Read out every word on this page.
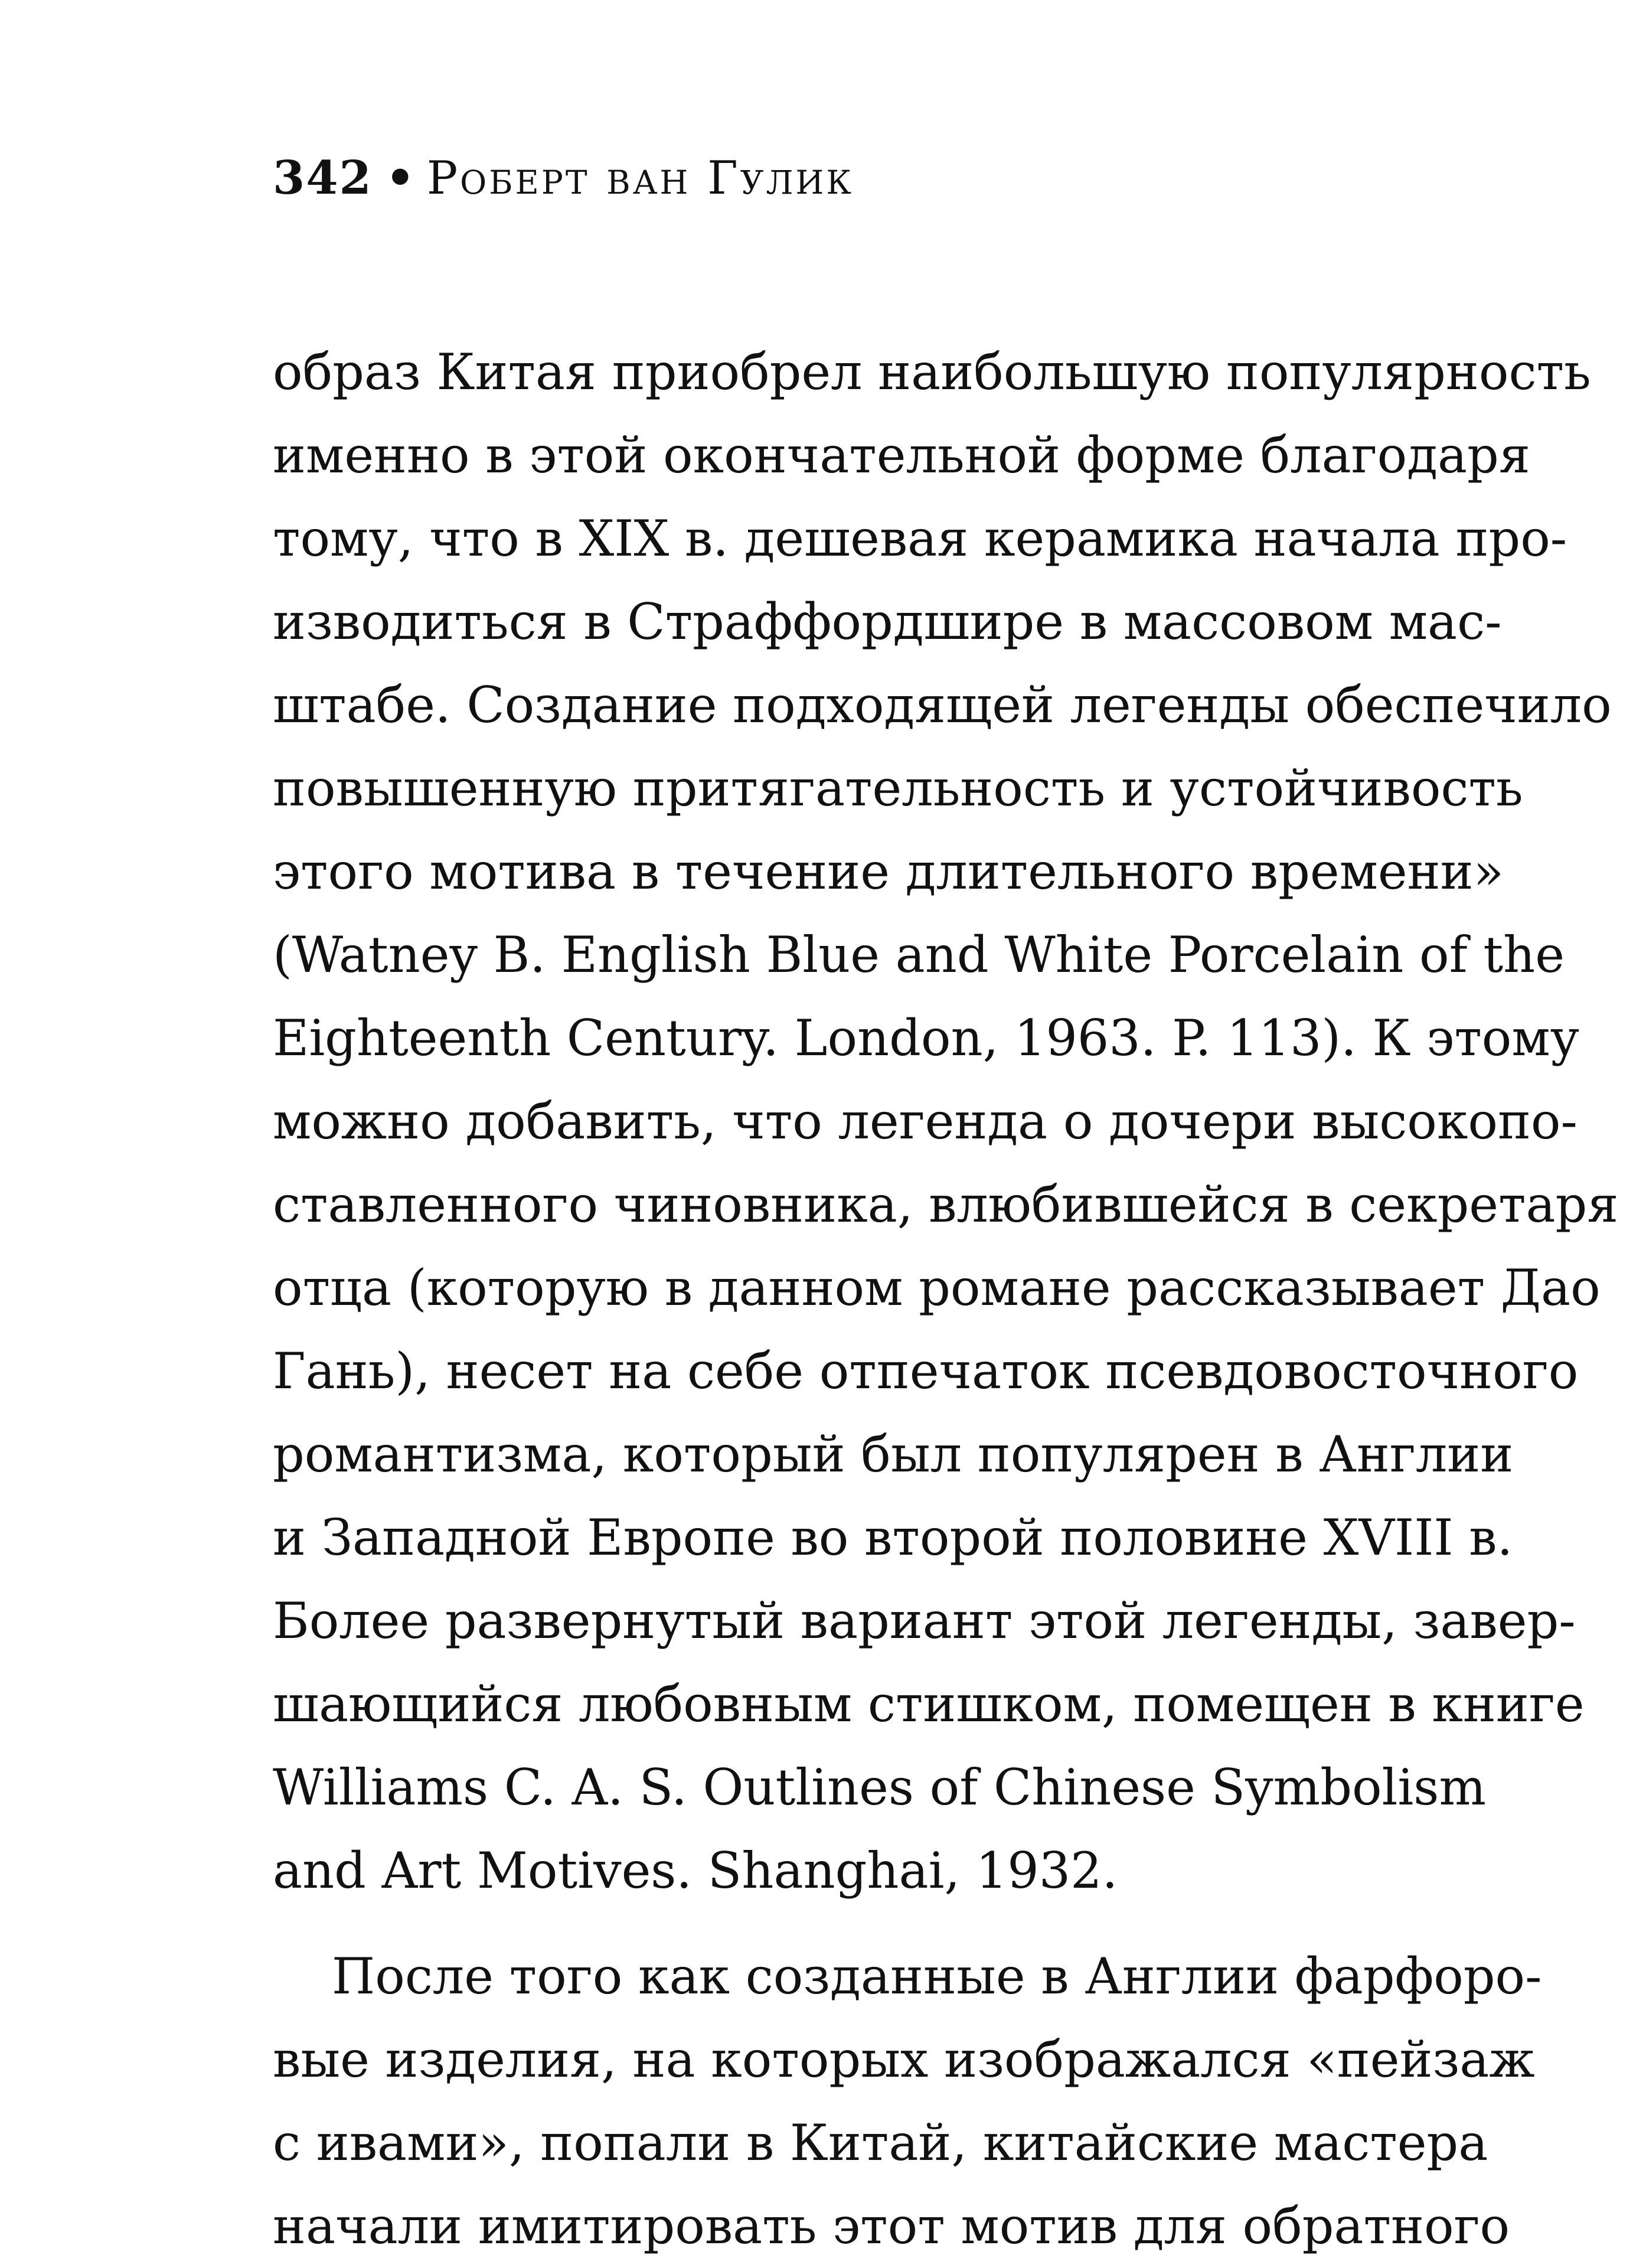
342 • Роберт ван Гулик
образ Китая приобрел наибольшую популярность
именно в этой окончательной форме благодаря
тому, что в XIX в. дешевая керамика начала про-
изводиться в Страффордшире в массовом мас-
штабе. Создание подходящей легенды обеспечило
повышенную притягательность и устойчивость
этого мотива в течение длительного времени»
(Watney B. English Blue and White Porcelain of the
Eighteenth Century. London, 1963. P. 113). К этому
можно добавить, что легенда о дочери высокопо-
ставленного чиновника, влюбившейся в секретаря
отца (которую в данном романе рассказывает Дао
Гань), несет на себе отпечаток псевдовосточного
романтизма, который был популярен в Англии
и Западной Европе во второй половине XVIII в.
Более развернутый вариант этой легенды, завер-
шающийся любовным стишком, помещен в книге
Williams C. A. S. Outlines of Chinese Symbolism
and Art Motives. Shanghai, 1932.
После того как созданные в Англии фарфоро-
вые изделия, на которых изображался «пейзаж
с ивами», попали в Китай, китайские мастера
начали имитировать этот мотив для обратного
